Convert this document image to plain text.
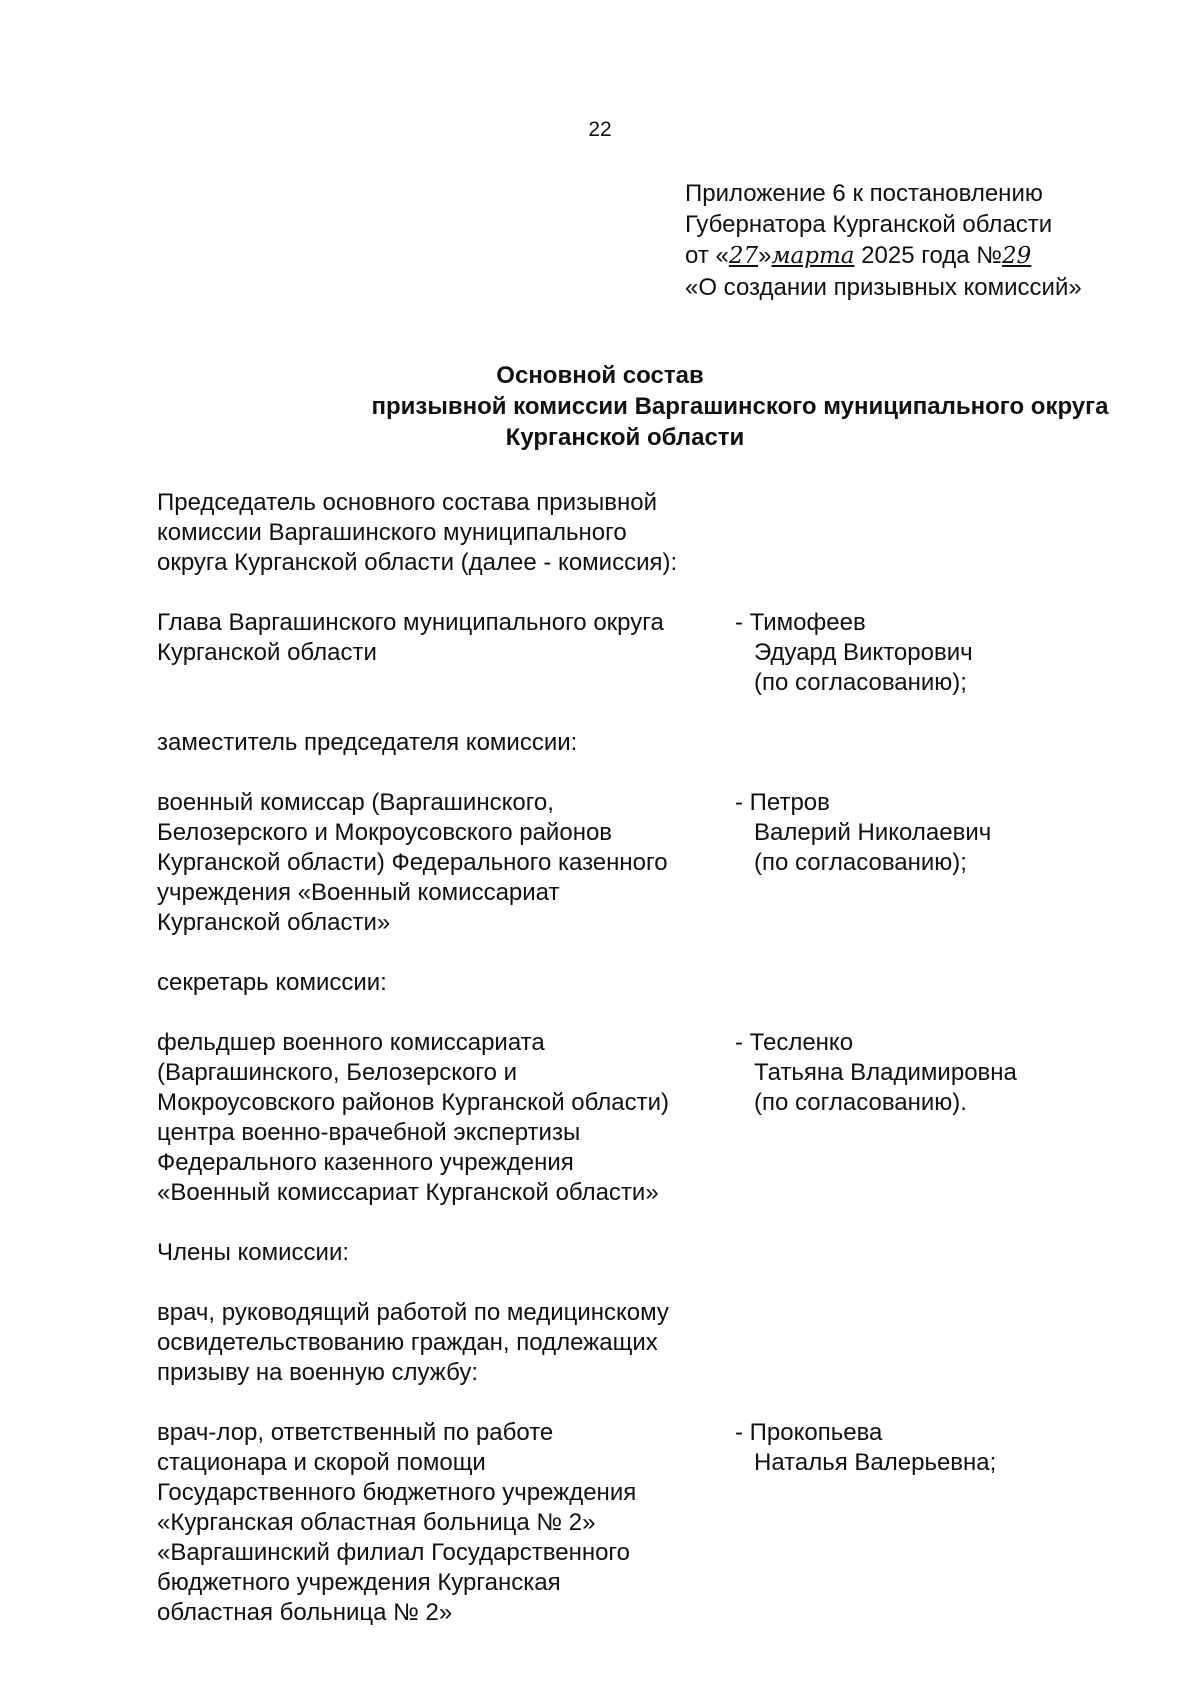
22
Приложение 6 к постановлению
Губернатора Курганской области
от «27»марта 2025 года №29
«О создании призывных комиссий»
Основной состав
призывной комиссии Варгашинского муниципального округа
Курганской области
Председатель основного состава призывной
комиссии Варгашинского муниципального
округа Курганской области (далее - комиссия):
Глава Варгашинского муниципального округа
Курганской области
- Тимофеев
Эдуард Викторович
(по согласованию);
заместитель председателя комиссии:
военный комиссар (Варгашинского,
Белозерского и Мокроусовского районов
Курганской области) Федерального казенного
учреждения «Военный комиссариат
Курганской области»
- Петров
Валерий Николаевич
(по согласованию);
секретарь комиссии:
фельдшер военного комиссариата
(Варгашинского, Белозерского и
Мокроусовского районов Курганской области)
центра военно-врачебной экспертизы
Федерального казенного учреждения
«Военный комиссариат Курганской области»
- Тесленко
Татьяна Владимировна
(по согласованию).
Члены комиссии:
врач, руководящий работой по медицинскому
освидетельствованию граждан, подлежащих
призыву на военную службу:
врач-лор, ответственный по работе
стационара и скорой помощи
Государственного бюджетного учреждения
«Курганская областная больница № 2»
«Варгашинский филиал Государственного
бюджетного учреждения Курганская
областная больница № 2»
- Прокопьева
Наталья Валерьевна;
